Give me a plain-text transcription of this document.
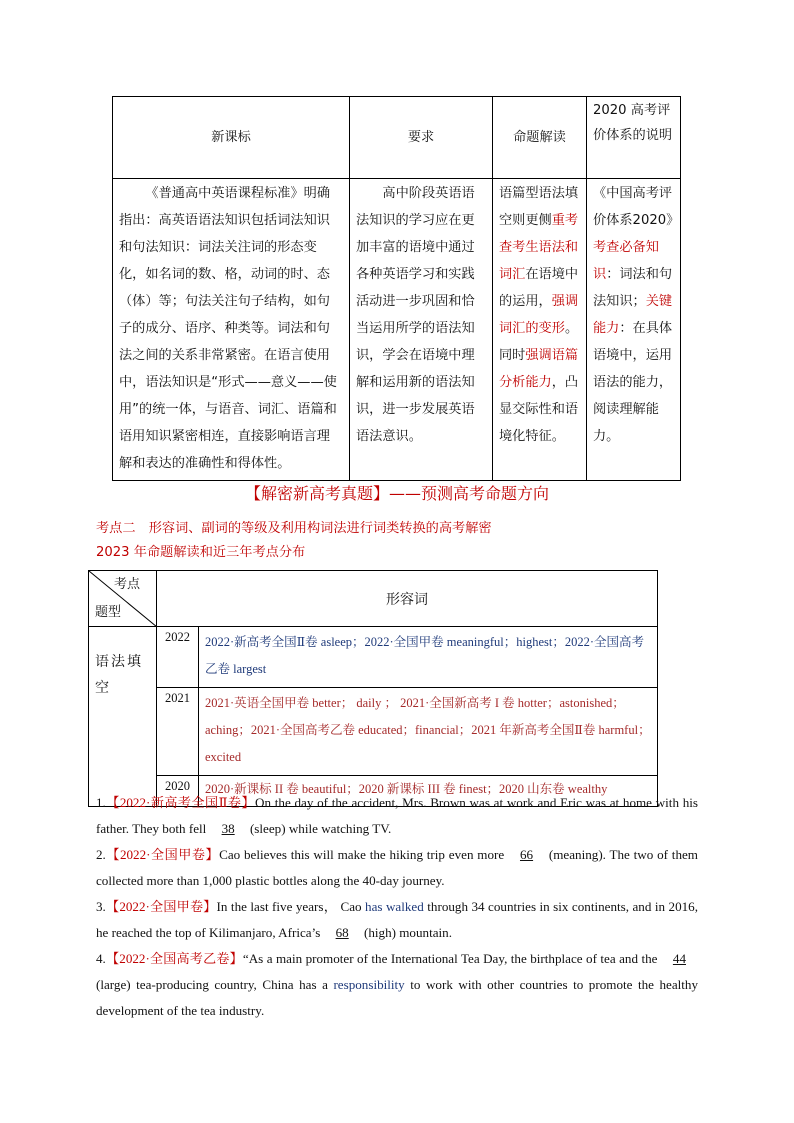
新课标	要求	命题解读	2020 高考评价体系的说明
《普通高中英语课程标准》明确指出：高英语语法知识包括词法知识和句法知识：词法关注词的形态变化，如名词的数、格，动词的时、态（体）等；句法关注句子结构，如句子的成分、语序、种类等。词法和句法之间的关系非常紧密。在语言使用中，语法知识是“形式——意义——使用”的统一体，与语音、词汇、语篇和语用知识紧密相连，直接影响语言理解和表达的准确性和得体性。	高中阶段英语语法知识的学习应在更加丰富的语境中通过各种英语学习和实践活动进一步巩固和恰当运用所学的语法知识，学会在语境中理解和运用新的语法知识，进一步发展英语语法意识。	语篇型语法填空则更侧重考查考生语法和词汇在语境中的运用，强调词汇的变形。同时强调语篇分析能力，凸显交际性和语境化特征。	《中国高考评价体系2020》考查必备知识：词法和句法知识；关键能力：在具体语境中，运用语法的能力，阅读理解能力。
【解密新高考真题】——预测高考命题方向
考点二　形容词、副词的等级及利用构词法进行词类转换的高考解密
2023 年命题解读和近三年考点分布
考点
题型	形容词	
语法填空	2022	2022·新高考全国Ⅱ卷 asleep；2022·全国甲卷 meaningful；highest；2022·全国高考乙卷 largest
	2021	2021·英语全国甲卷 better； daily ； 2021·全国新高考 I 卷 hotter；astonished；aching；2021·全国高考乙卷 educated；financial；2021 年新高考全国Ⅱ卷 harmful；excited
	2020	2020·新课标 II 卷 beautiful；2020 新课标 III 卷 finest；2020 山东卷 wealthy

1.【2022·新高考全国Ⅱ卷】On the day of the accident, Mrs. Brown was at work and Eric was at home with his father. They both fell 38 (sleep) while watching TV.

2.【2022·全国甲卷】Cao believes this will make the hiking trip even more 66 (meaning). The two of them collected more than 1,000 plastic bottles along the 40-day journey.

3.【2022·全国甲卷】In the last five years， Cao has walked through 34 countries in six continents, and in 2016, he reached the top of Kilimanjaro, Africa’s 68 (high) mountain.

4.【2022·全国高考乙卷】“As a main promoter of the International Tea Day, the birthplace of tea and the 44 (large) tea-producing country, China has a responsibility to work with other countries to promote the healthy development of the tea industry.
